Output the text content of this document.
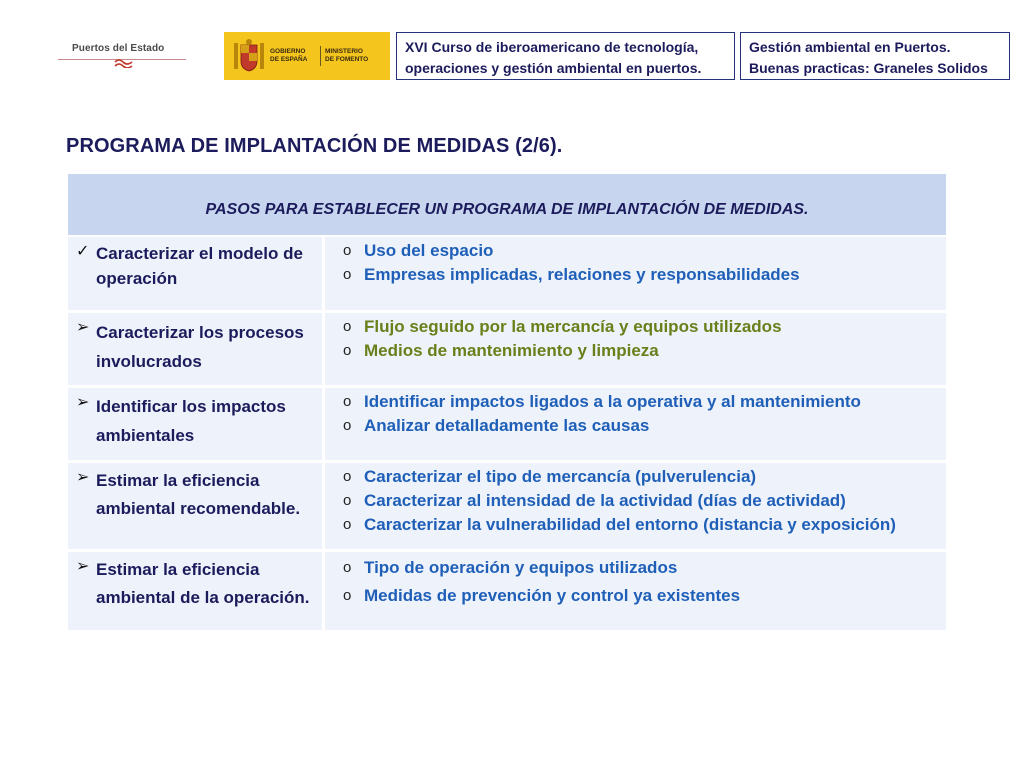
Puertos del Estado	GOBIERNO
DE ESPAÑA
MINISTERIO
DE FOMENTO
XVI Curso de iberoamericano de tecnología,
operaciones y gestión ambiental en puertos.
Gestión ambiental en Puertos.
Buenas practicas: Graneles Solidos
PROGRAMA DE IMPLANTACIÓN DE MEDIDAS (2/6).
PASOS PARA ESTABLECER UN PROGRAMA DE IMPLANTACIÓN DE MEDIDAS.
✓ Caracterizar el modelo de
operación
o Uso del espacio
o Empresas implicadas, relaciones y responsabilidades
➢ Caracterizar los procesos
involucrados
o Flujo seguido por la mercancía y equipos utilizados
o Medios de mantenimiento y limpieza
➢ Identificar los impactos
ambientales
o Identificar impactos ligados a la operativa y al mantenimiento
o Analizar detalladamente las causas
➢ Estimar la eficiencia
ambiental recomendable.
o Caracterizar el tipo de mercancía (pulverulencia)
o Caracterizar al intensidad de la actividad (días de actividad)
o Caracterizar la vulnerabilidad del entorno (distancia y exposición)
➢ Estimar la eficiencia
ambiental de la operación.
o Tipo de operación y equipos utilizados
o Medidas de prevención y control ya existentes
